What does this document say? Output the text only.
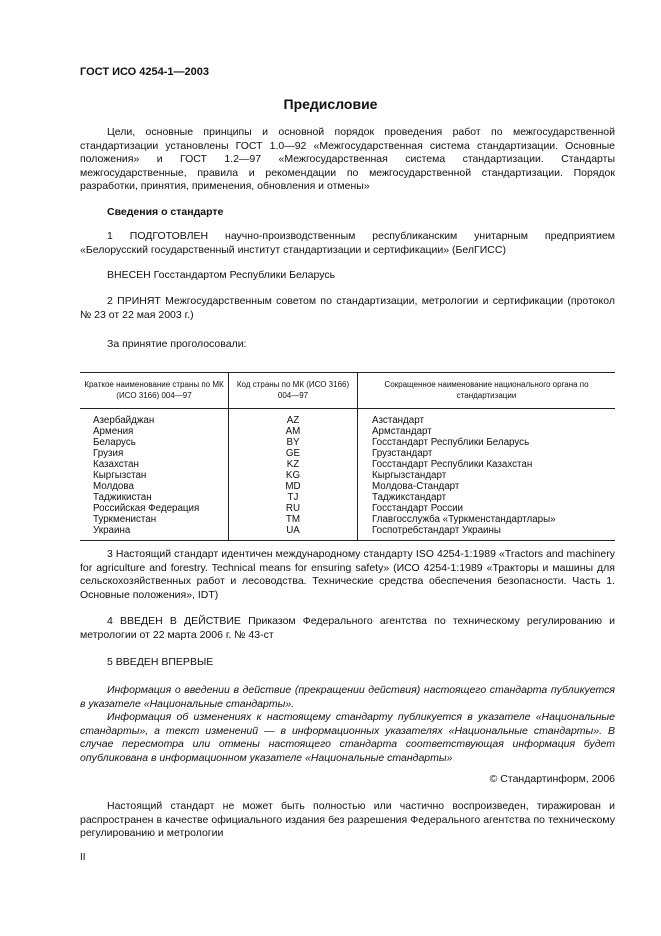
ГОСТ ИСО 4254-1—2003
Предисловие
Цели, основные принципы и основной порядок проведения работ по межгосударственной стандартизации установлены ГОСТ 1.0—92 «Межгосударственная система стандартизации. Основные положения» и ГОСТ 1.2—97 «Межгосударственная система стандартизации. Стандарты межгосударственные, правила и рекомендации по межгосударственной стандартизации. Порядок разработки, принятия, применения, обновления и отмены»
Сведения о стандарте
1 ПОДГОТОВЛЕН научно-производственным республиканским унитарным предприятием «Белорусский государственный институт стандартизации и сертификации» (БелГИСС)
ВНЕСЕН Госстандартом Республики Беларусь
2 ПРИНЯТ Межгосударственным советом по стандартизации, метрологии и сертификации (протокол № 23 от 22 мая 2003 г.)
За принятие проголосовали:
Краткое наименование страны по МК (ИСО 3166) 004—97	Код страны по МК (ИСО 3166) 004—97	Сокращенное наименование национального органа по стандартизации
Азербайджан	AZ	Азстандарт
Армения	AM	Армстандарт
Беларусь	BY	Госстандарт Республики Беларусь
Грузия	GE	Грузстандарт
Казахстан	KZ	Госстандарт Республики Казахстан
Кыргызстан	KG	Кыргызстандарт
Молдова	MD	Молдова-Стандарт
Таджикистан	TJ	Таджикстандарт
Российская Федерация	RU	Госстандарт России
Туркменистан	TM	Главгосслужба «Туркменстандартлары»
Украина	UA	Госпотребстандарт Украины
3 Настоящий стандарт идентичен международному стандарту ISO 4254-1:1989 «Tractors and machinery for agriculture and forestry. Technical means for ensuring safety» (ИСО 4254-1:1989 «Тракторы и машины для сельскохозяйственных работ и лесоводства. Технические средства обеспечения безопасности. Часть 1. Основные положения», IDT)
4 ВВЕДЕН В ДЕЙСТВИЕ Приказом Федерального агентства по техническому регулированию и метрологии от 22 марта 2006 г. № 43-ст
5 ВВЕДЕН ВПЕРВЫЕ
Информация о введении в действие (прекращении действия) настоящего стандарта публикуется в указателе «Национальные стандарты».
Информация об изменениях к настоящему стандарту публикуется в указателе «Национальные стандарты», а текст изменений — в информационных указателях «Национальные стандарты». В случае пересмотра или отмены настоящего стандарта соответствующая информация будет опубликована в информационном указателе «Национальные стандарты»
© Стандартинформ, 2006
Настоящий стандарт не может быть полностью или частично воспроизведен, тиражирован и распространен в качестве официального издания без разрешения Федерального агентства по техническому регулированию и метрологии
II
